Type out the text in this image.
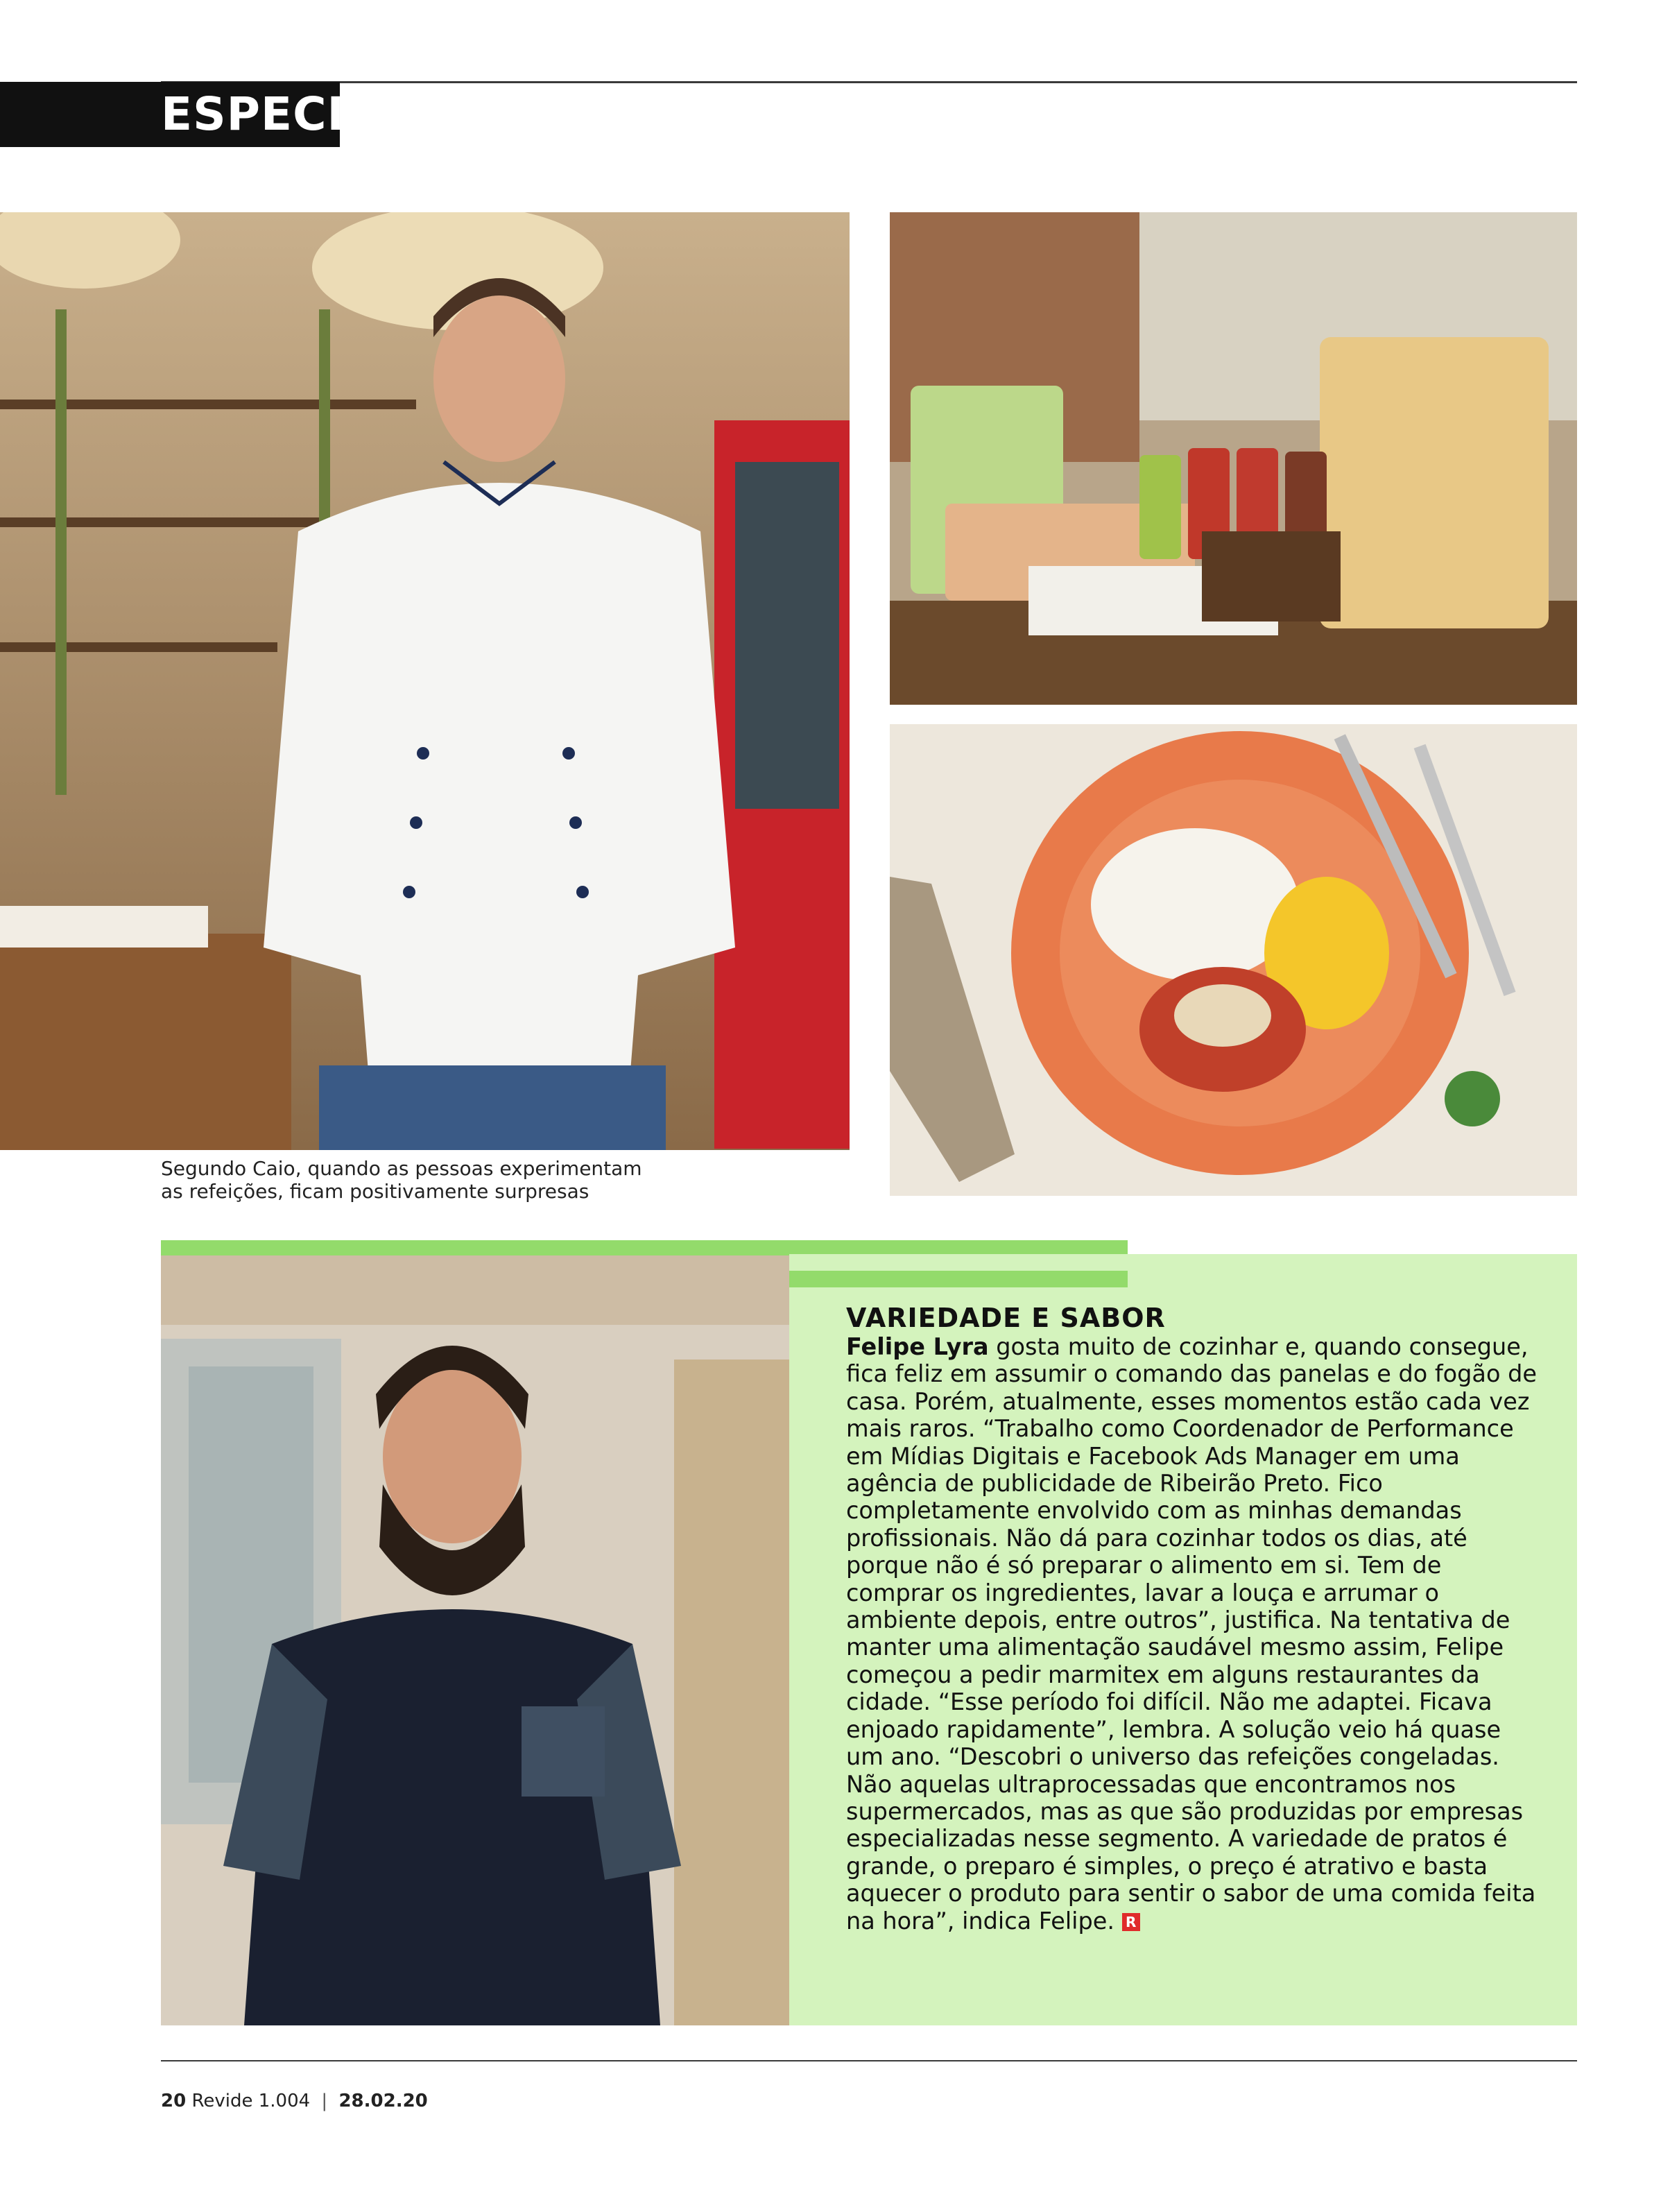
ESPECIAL
Segundo Caio, quando as pessoas experimentam as refeições, ficam positivamente surpresas
VARIEDADE E SABOR

Felipe Lyra gosta muito de cozinhar e, quando consegue, fica feliz em assumir o comando das panelas e do fogão de casa. Porém, atualmente, esses momentos estão cada vez mais raros. “Trabalho como Coordenador de Performance em Mídias Digitais e Facebook Ads Manager em uma agência de publicidade de Ribeirão Preto. Fico completamente envolvido com as minhas demandas profissionais. Não dá para cozinhar todos os dias, até porque não é só preparar o alimento em si. Tem de comprar os ingredientes, lavar a louça e arrumar o ambiente depois, entre outros”, justifica. Na tentativa de manter uma alimentação saudável mesmo assim, Felipe começou a pedir marmitex em alguns restaurantes da cidade. “Esse período foi difícil. Não me adaptei. Ficava enjoado rapidamente”, lembra. A solução veio há quase um ano. “Descobri o universo das refeições congeladas. Não aquelas ultraprocessadas que encontramos nos supermercados, mas as que são produzidas por empresas especializadas nesse segmento. A variedade de pratos é grande, o preparo é simples, o preço é atrativo e basta aquecer o produto para sentir o sabor de uma comida feita na hora”, indica Felipe. R

20 Revide 1.004 | 28.02.20
